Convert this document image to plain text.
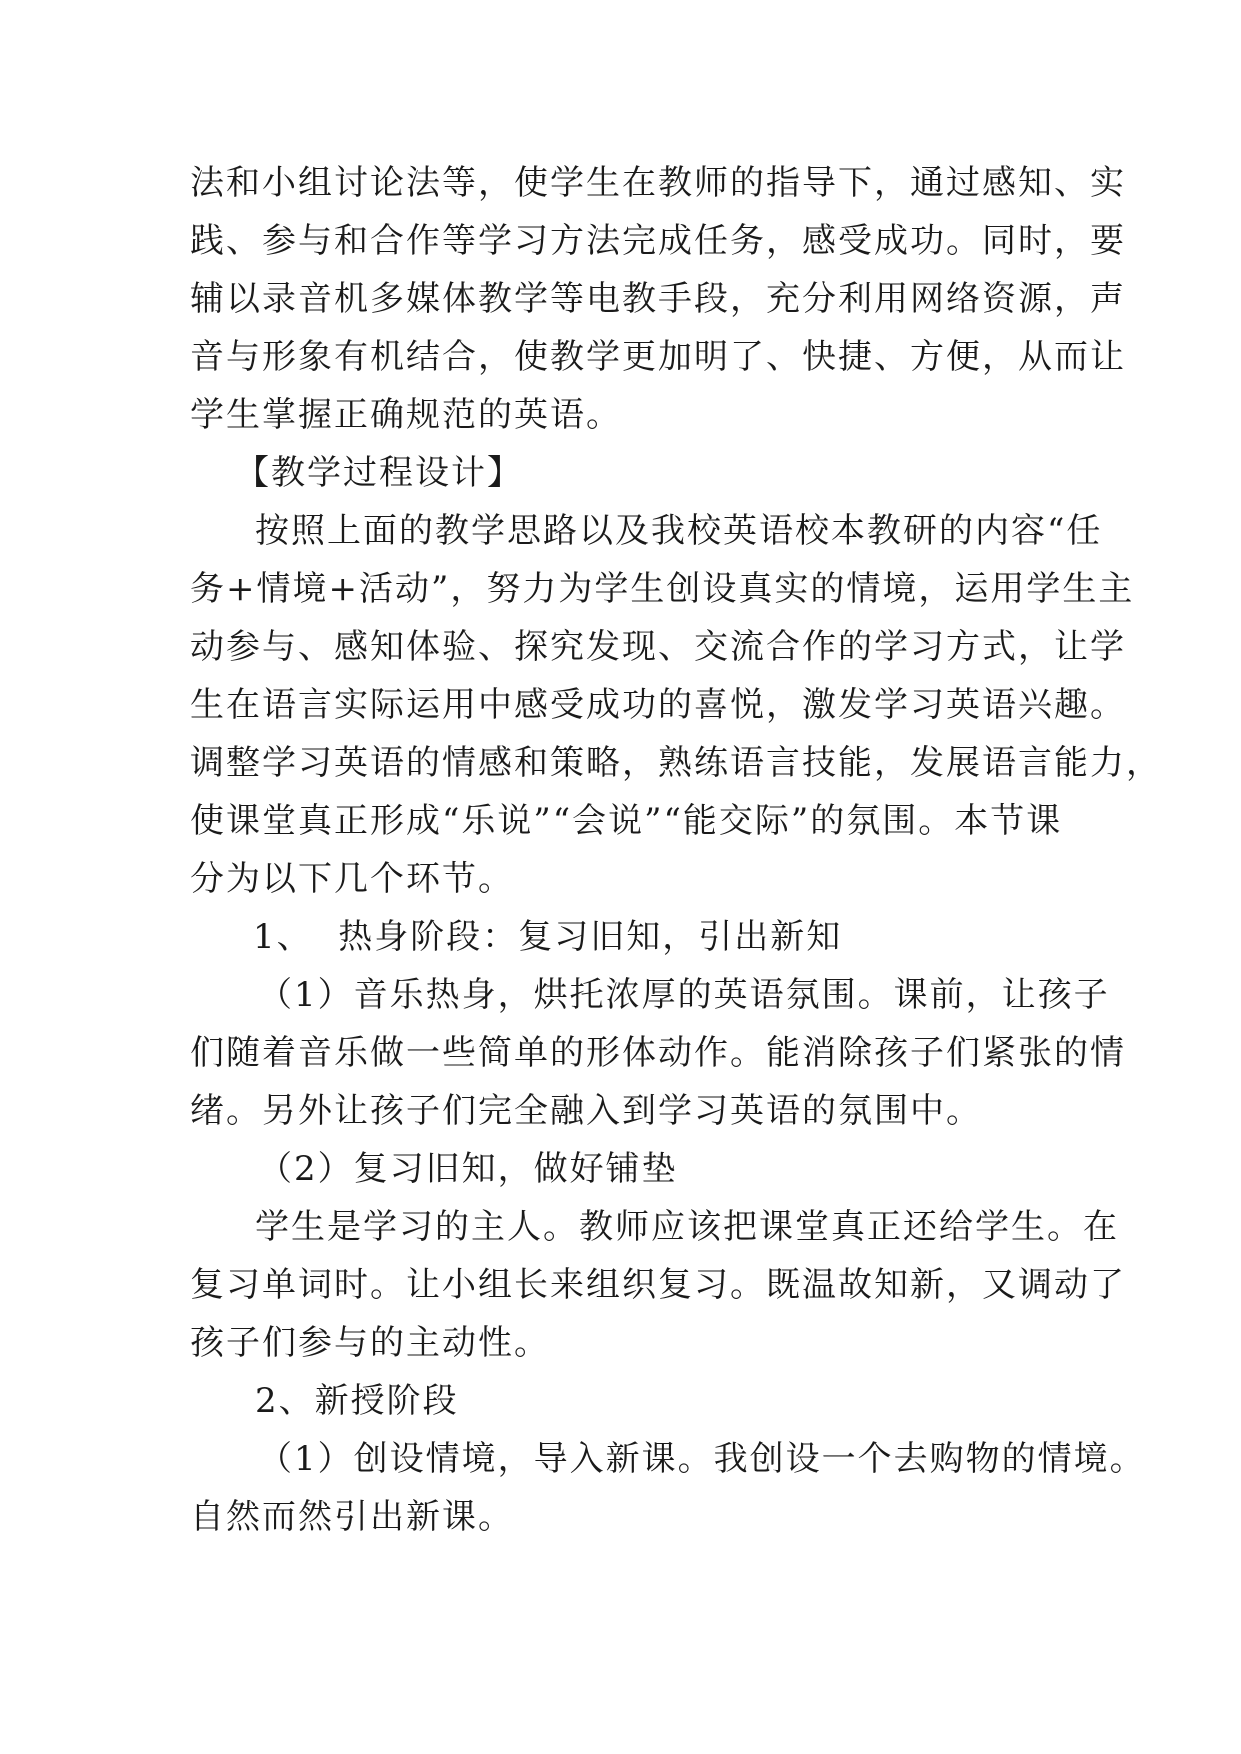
法和小组讨论法等，使学生在教师的指导下，通过感知、实
践、参与和合作等学习方法完成任务，感受成功。同时，要
辅以录音机多媒体教学等电教手段，充分利用网络资源，声
音与形象有机结合，使教学更加明了、快捷、方便，从而让
学生掌握正确规范的英语。
【教学过程设计】
按照上面的教学思路以及我校英语校本教研的内容“任
务+情境+活动”，努力为学生创设真实的情境，运用学生主
动参与、感知体验、探究发现、交流合作的学习方式，让学
生在语言实际运用中感受成功的喜悦，激发学习英语兴趣。
调整学习英语的情感和策略，熟练语言技能，发展语言能力，
使课堂真正形成“乐说”“会说”“能交际”的氛围。本节课
分为以下几个环节。
1、  热身阶段：复习旧知，引出新知
（1）音乐热身，烘托浓厚的英语氛围。课前，让孩子
们随着音乐做一些简单的形体动作。能消除孩子们紧张的情
绪。另外让孩子们完全融入到学习英语的氛围中。
（2）复习旧知，做好铺垫
学生是学习的主人。教师应该把课堂真正还给学生。在
复习单词时。让小组长来组织复习。既温故知新，又调动了
孩子们参与的主动性。
2、新授阶段
（1）创设情境，导入新课。我创设一个去购物的情境。
自然而然引出新课。
